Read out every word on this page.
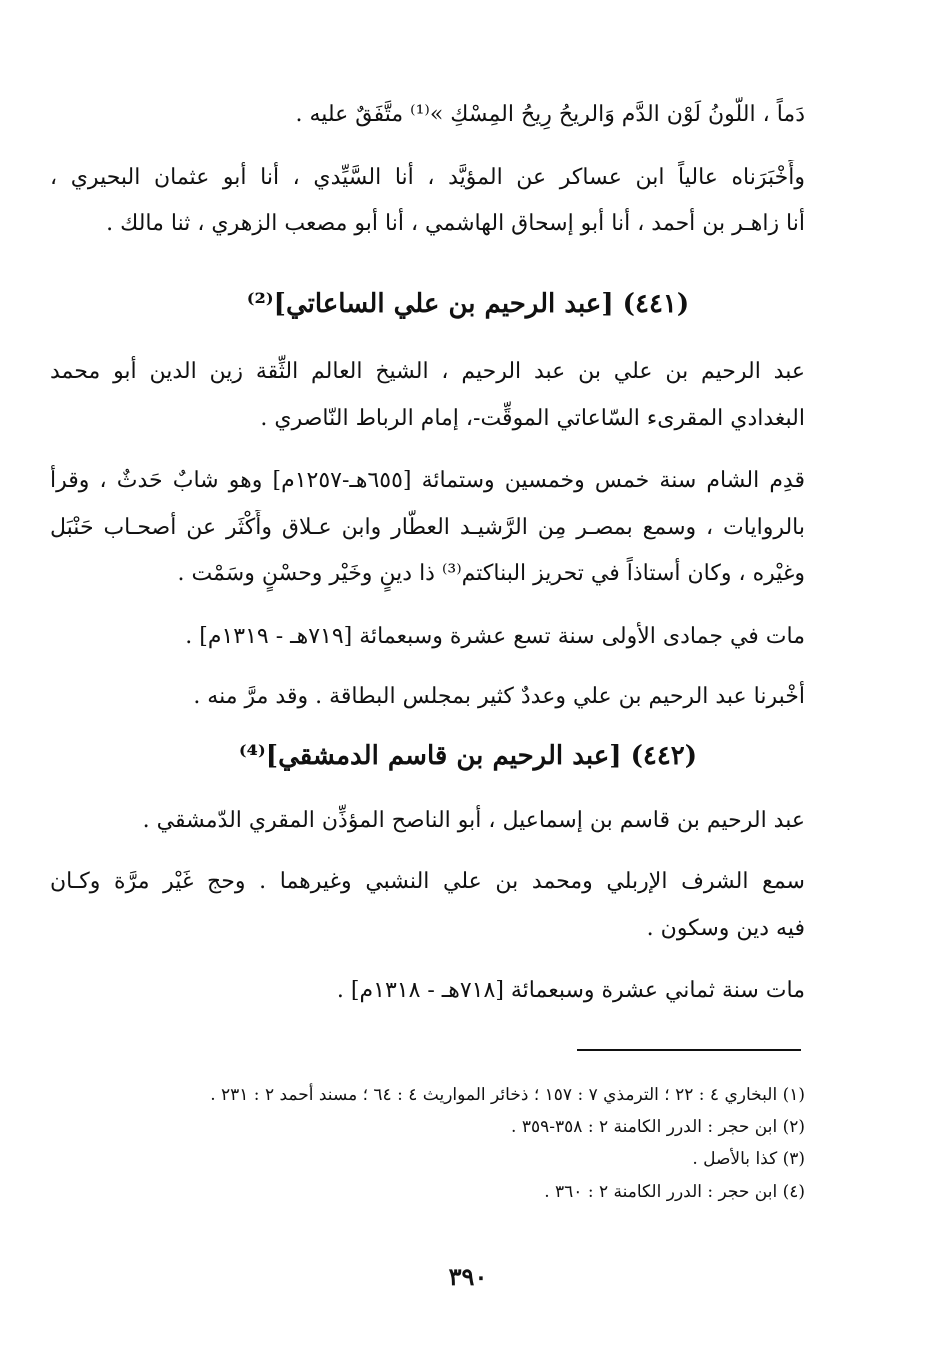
دَماً ، اللَّونُ لَوْن الدَّم وَالريحُ رِيحُ المِسْكِ »⁽¹⁾ متَّفَقٌ عليه .
وأَخْبَرَناه عالياً ابن عساكر عن المؤيَّد ، أنا السَّيِّدي ، أنا أبو عثمان البحيري ،
أنا زاهـر بن أحمد ، أنا أبو إسحاق الهاشمي ، أنا أبو مصعب الزهري ، ثنا مالك .
(٤٤١) [عبد الرحيم بن علي الساعاتي]⁽²⁾
عبد الرحيم بن علي بن عبد الرحيم ، الشيخ العالم الثِّقة زين الدين أبو محمد
البغدادي المقرىء السّاعاتي الموقِّت-، إمام الرباط النّاصري .
قدِم الشام سنة خمس وخمسين وستمائة [٦٥٥هـ-١٢٥٧م] وهو شابٌ حَدثٌ ، وقرأ
بالروايات ، وسمع بمصـر مِن الرَّشيـد العطَّار وابن عـلاق وأَكْثَر عن أصحـاب حَنْبَل
وغيْره ، وكان أستاذاً في تحريز البناكتم⁽³⁾ ذا دينٍ وخَيْر وحسْنٍ وسَمْت .
مات في جمادى الأولى سنة تسع عشرة وسبعمائة [٧١٩هـ - ١٣١٩م] .
أخْبرنا عبد الرحيم بن علي وعددٌ كثير بمجلس البطاقة . وقد مرَّ منه .
(٤٤٢) [عبد الرحيم بن قاسم الدمشقي]⁽⁴⁾
عبد الرحيم بن قاسم بن إسماعيل ، أبو الناصح المؤذِّن المقري الدّمشقي .
سمع الشرف الإربلي ومحمد بن علي النشبي وغيرهما . وحج غَيْر مرَّة وكـان
فيه دين وسكون .
مات سنة ثماني عشرة وسبعمائة [٧١٨هـ - ١٣١٨م] .
(١) البخاري ٤ : ٢٢ ؛ الترمذي ٧ : ١٥٧ ؛ ذخائر المواريث ٤ : ٦٤ ؛ مسند أحمد ٢ : ٢٣١ .
(٢) ابن حجر : الدرر الكامنة ٢ : ٣٥٨-٣٥٩ .
(٣) كذا بالأصل .
(٤) ابن حجر : الدرر الكامنة ٢ : ٣٦٠ .
٣٩٠
